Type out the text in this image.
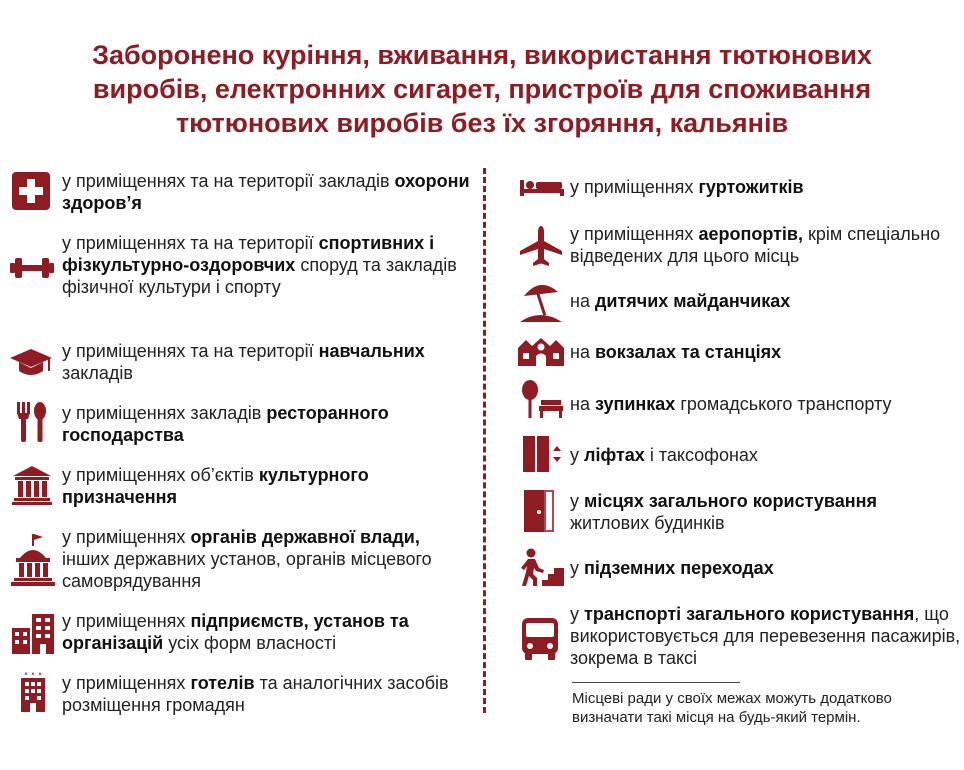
Заборонено куріння, вживання, використання тютюнових
виробів, електронних сигарет, пристроїв для споживання
тютюнових виробів без їх згоряння, кальянів
у приміщеннях та на території закладів охорони здоров’я
у приміщеннях та на території спортивних і фізкультурно-оздоровчих споруд та закладів фізичної культури і спорту
у приміщеннях та на території навчальних закладів
у приміщеннях закладів ресторанного господарства
у приміщеннях об’єктів культурного призначення
у приміщеннях органів державної влади, інших державних установ, органів місцевого самоврядування
у приміщеннях підприємств, установ та організацій усіх форм власності
у приміщеннях готелів та аналогічних засобів розміщення громадян
у приміщеннях гуртожитків
у приміщеннях аеропортів, крім спеціально відведених для цього місць
на дитячих майданчиках
на вокзалах та станціях
на зупинках громадського транспорту
у ліфтах і таксофонах
у місцях загального користування житлових будинків
у підземних переходах
у транспорті загального користування, що використовується для перевезення пасажирів, зокрема в таксі
Місцеві ради у своїх межах можуть додатково
визначати такі місця на будь-який термін.
